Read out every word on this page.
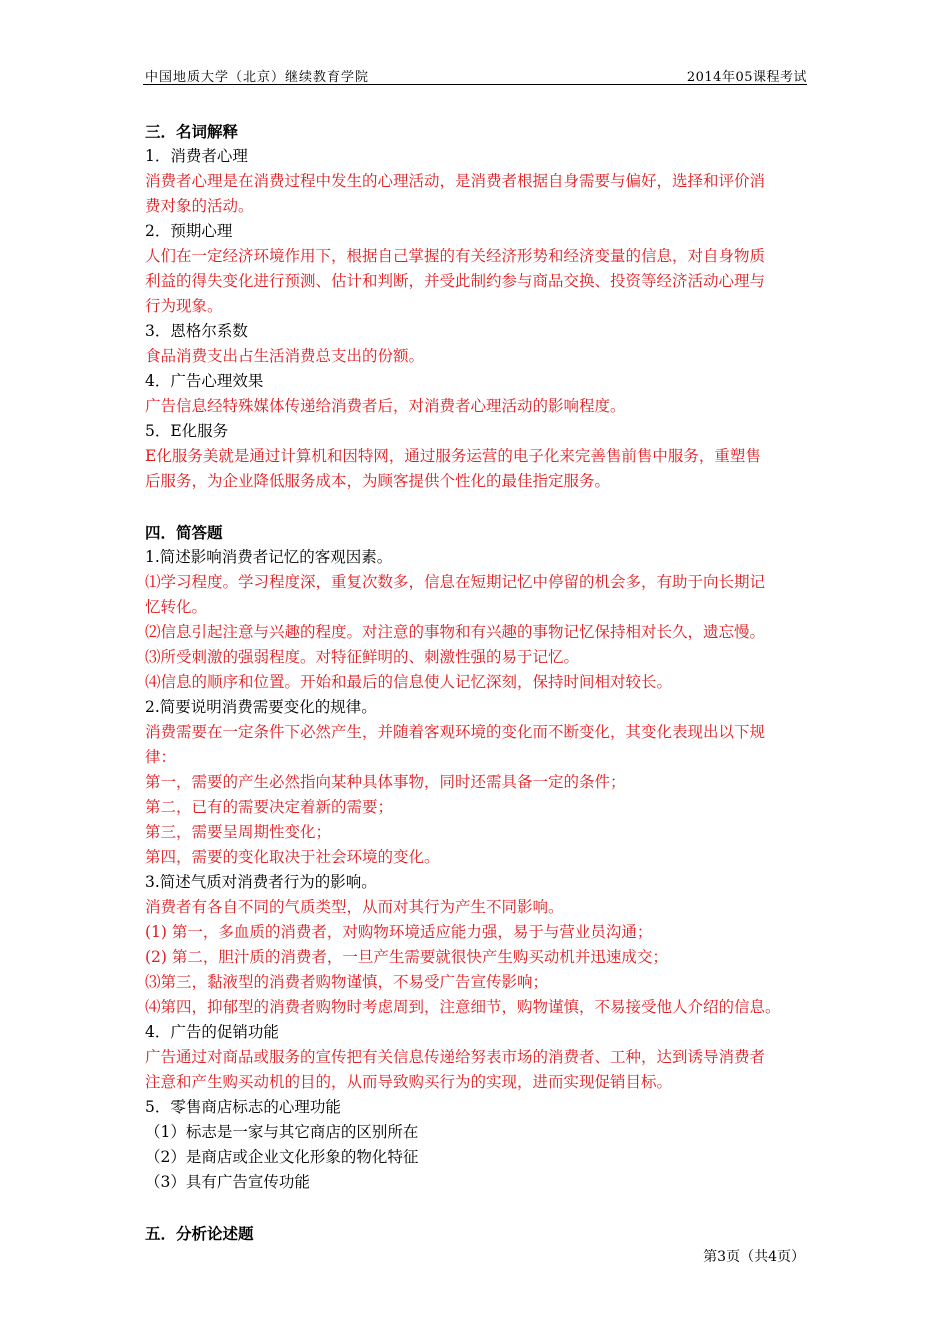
中国地质大学（北京）继续教育学院	2014年05课程考试
三．名词解释
1．消费者心理
消费者心理是在消费过程中发生的心理活动，是消费者根据自身需要与偏好，选择和评价消
费对象的活动。
2．预期心理
人们在一定经济环境作用下，根据自己掌握的有关经济形势和经济变量的信息，对自身物质
利益的得失变化进行预测、估计和判断，并受此制约参与商品交换、投资等经济活动心理与
行为现象。
3．恩格尔系数
食品消费支出占生活消费总支出的份额。
4．广告心理效果
广告信息经特殊媒体传递给消费者后，对消费者心理活动的影响程度。
5．E化服务
E化服务美就是通过计算机和因特网，通过服务运营的电子化来完善售前售中服务，重塑售
后服务，为企业降低服务成本，为顾客提供个性化的最佳指定服务。
四．简答题
1.简述影响消费者记忆的客观因素。
⑴学习程度。学习程度深，重复次数多，信息在短期记忆中停留的机会多，有助于向长期记
忆转化。
⑵信息引起注意与兴趣的程度。对注意的事物和有兴趣的事物记忆保持相对长久，遗忘慢。
⑶所受刺激的强弱程度。对特征鲜明的、刺激性强的易于记忆。
⑷信息的顺序和位置。开始和最后的信息使人记忆深刻，保持时间相对较长。
2.简要说明消费需要变化的规律。
消费需要在一定条件下必然产生，并随着客观环境的变化而不断变化，其变化表现出以下规
律：
第一，需要的产生必然指向某种具体事物，同时还需具备一定的条件；
第二，已有的需要决定着新的需要；
第三，需要呈周期性变化；
第四，需要的变化取决于社会环境的变化。
3.简述气质对消费者行为的影响。
消费者有各自不同的气质类型，从而对其行为产生不同影响。
(1) 第一，多血质的消费者，对购物环境适应能力强，易于与营业员沟通；
(2) 第二，胆汁质的消费者，一旦产生需要就很快产生购买动机并迅速成交；
⑶第三，黏液型的消费者购物谨慎，不易受广告宣传影响；
⑷第四，抑郁型的消费者购物时考虑周到，注意细节，购物谨慎，不易接受他人介绍的信息。
4．广告的促销功能
广告通过对商品或服务的宣传把有关信息传递给努表市场的消费者、工种，达到诱导消费者
注意和产生购买动机的目的，从而导致购买行为的实现，进而实现促销目标。
5．零售商店标志的心理功能
（1）标志是一家与其它商店的区别所在
（2）是商店或企业文化形象的物化特征
（3）具有广告宣传功能
五．分析论述题
第3页（共4页）
